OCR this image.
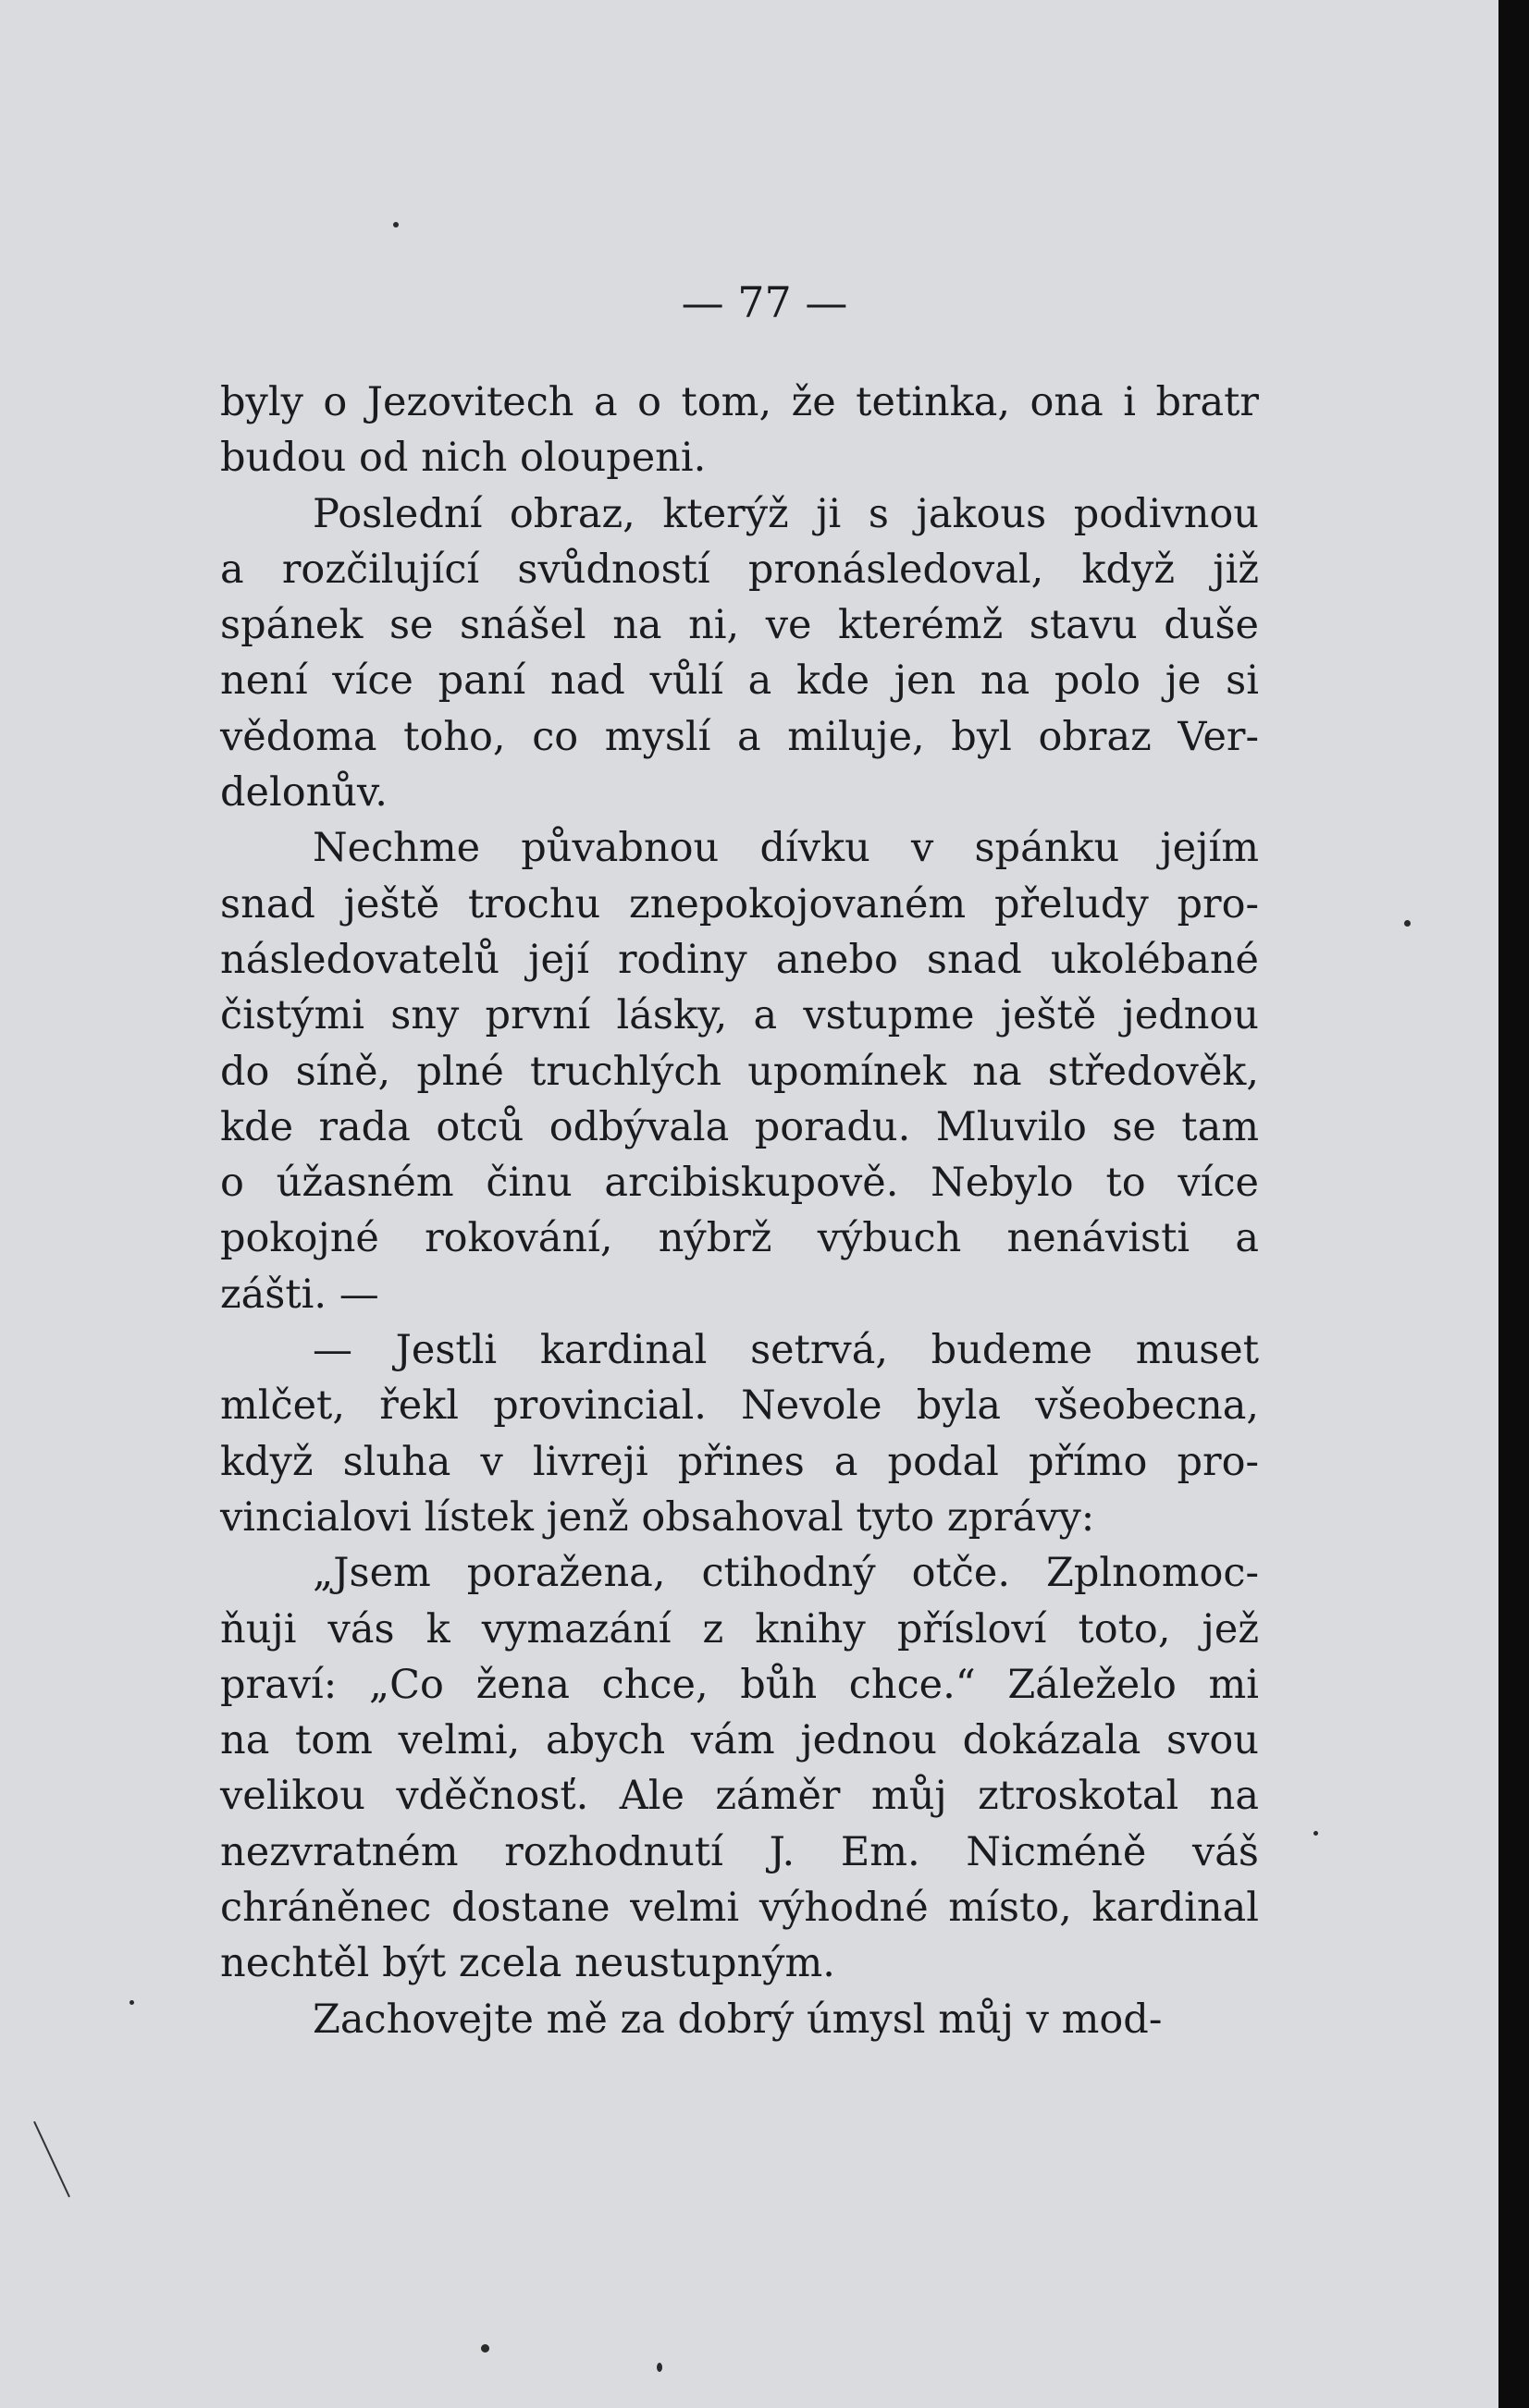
— 77 —
byly o Jezovitech a o tom, že tetinka, ona i bratr
budou od nich oloupeni.
Poslední obraz, kterýž ji s jakous podivnou
a rozčilující svůdností pronásledoval, když již
spánek se snášel na ni, ve kterémž stavu duše
není více paní nad vůlí a kde jen na polo je si
vědoma toho, co myslí a miluje, byl obraz Ver-
delonův.
Nechme půvabnou dívku v spánku jejím
snad ještě trochu znepokojovaném přeludy pro-
následovatelů její rodiny anebo snad ukolébané
čistými sny první lásky, a vstupme ještě jednou
do síně, plné truchlých upomínek na středověk,
kde rada otců odbývala poradu. Mluvilo se tam
o úžasném činu arcibiskupově. Nebylo to více
pokojné rokování, nýbrž výbuch nenávisti a
zášti. —
— Jestli kardinal setrvá, budeme muset
mlčet, řekl provincial. Nevole byla všeobecna,
když sluha v livreji přines a podal přímo pro-
vincialovi lístek jenž obsahoval tyto zprávy:
„Jsem poražena, ctihodný otče. Zplnomoc-
ňuji vás k vymazání z knihy přísloví toto, jež
praví: „Co žena chce, bůh chce.“ Záleželo mi
na tom velmi, abych vám jednou dokázala svou
velikou vděčnosť. Ale záměr můj ztroskotal na
nezvratném rozhodnutí J. Em. Nicméně váš
chráněnec dostane velmi výhodné místo, kardinal
nechtěl být zcela neustupným.
Zachovejte mě za dobrý úmysl můj v mod-
